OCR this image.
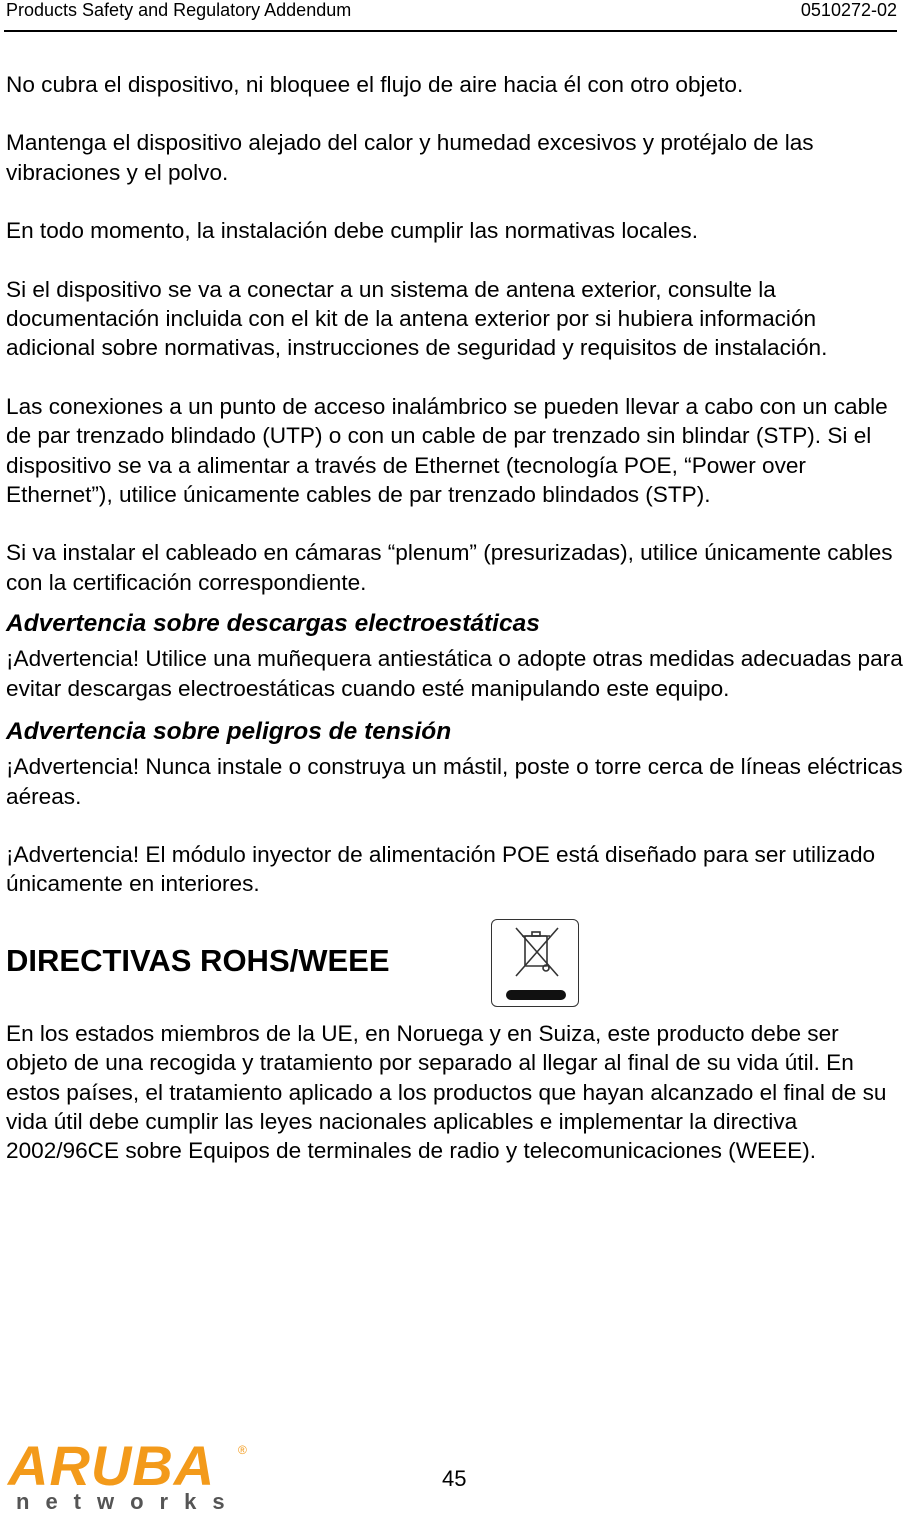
Products Safety and Regulatory Addendum	0510272-02

No cubra el dispositivo, ni bloquee el flujo de aire hacia él con otro objeto.

Mantenga el dispositivo alejado del calor y humedad excesivos y protéjalo de las vibraciones y el polvo.

En todo momento, la instalación debe cumplir las normativas locales.

Si el dispositivo se va a conectar a un sistema de antena exterior, consulte la documentación incluida con el kit de la antena exterior por si hubiera información adicional sobre normativas, instrucciones de seguridad y requisitos de instalación.

Las conexiones a un punto de acceso inalámbrico se pueden llevar a cabo con un cable de par trenzado blindado (UTP) o con un cable de par trenzado sin blindar (STP). Si el dispositivo se va a alimentar a través de Ethernet (tecnología POE, “Power over Ethernet”), utilice únicamente cables de par trenzado blindados (STP).

Si va instalar el cableado en cámaras “plenum” (presurizadas), utilice únicamente cables con la certificación correspondiente.

Advertencia sobre descargas electroestáticas

¡Advertencia! Utilice una muñequera antiestática o adopte otras medidas adecuadas para evitar descargas electroestáticas cuando esté manipulando este equipo.

Advertencia sobre peligros de tensión

¡Advertencia! Nunca instale o construya un mástil, poste o torre cerca de líneas eléctricas aéreas.

¡Advertencia! El módulo inyector de alimentación POE está diseñado para ser utilizado únicamente en interiores.

DIRECTIVAS ROHS/WEEE

En los estados miembros de la UE, en Noruega y en Suiza, este producto debe ser objeto de una recogida y tratamiento por separado al llegar al final de su vida útil. En estos países, el tratamiento aplicado a los productos que hayan alcanzado el final de su vida útil debe cumplir las leyes nacionales aplicables e implementar la directiva 2002/96CE sobre Equipos de terminales de radio y telecomunicaciones (WEEE).

ARUBA ®
networks
45
